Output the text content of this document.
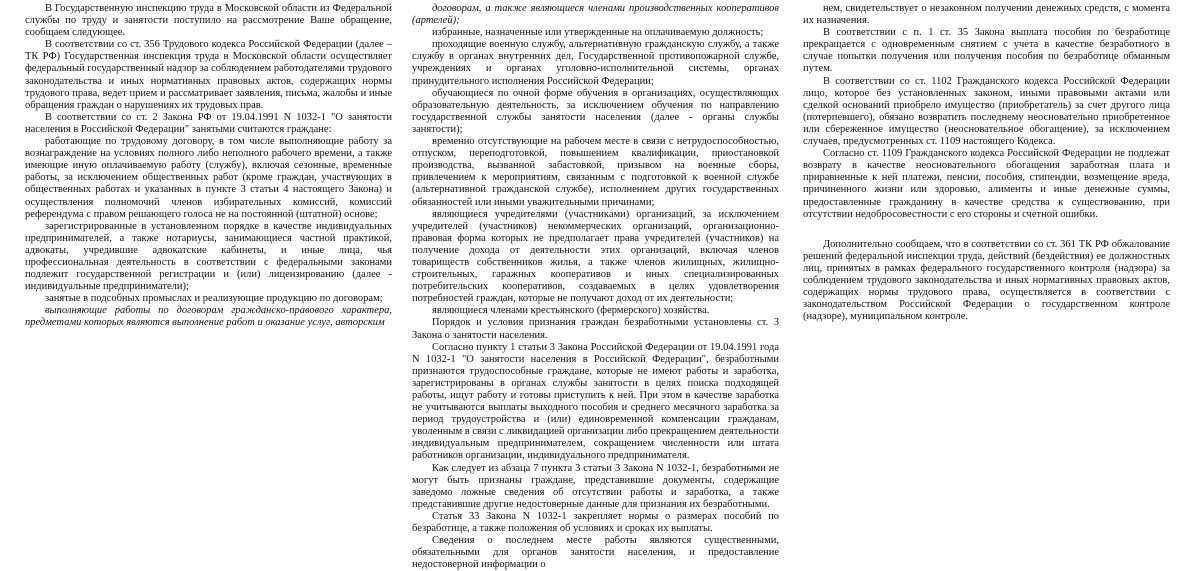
В Государственную инспекцию труда в Московской области из Федеральной службы по труду и занятости поступило на рассмотрение Ваше обращение, сообщаем следующее.

В соответствии со ст. 356 Трудового кодекса Российской Федерации (далее – ТК РФ) Государственная инспекция труда в Московской области осуществляет федеральный государственный надзор за соблюдением работодателями трудового законодательства и иных нормативных правовых актов, содержащих нормы трудового права, ведет прием и рассматривает заявления, письма, жалобы и иные обращения граждан о нарушениях их трудовых прав.

В соответствии со ст. 2 Закона РФ от 19.04.1991 N 1032-1 "О занятости населения в Российской Федерации" занятыми считаются граждане:

работающие по трудовому договору, в том числе выполняющие работу за вознаграждение на условиях полного либо неполного рабочего времени, а также имеющие иную оплачиваемую работу (службу), включая сезонные, временные работы, за исключением общественных работ (кроме граждан, участвующих в общественных работах и указанных в пункте 3 статьи 4 настоящего Закона) и осуществления полномочий членов избирательных комиссий, комиссий референдума с правом решающего голоса не на постоянной (штатной) основе;

зарегистрированные в установленном порядке в качестве индивидуальных предпринимателей, а также нотариусы, занимающиеся частной практикой, адвокаты, учредившие адвокатские кабинеты, и иные лица, чья профессиональная деятельность в соответствии с федеральными законами подлежит государственной регистрации и (или) лицензированию (далее - индивидуальные предприниматели);

занятые в подсобных промыслах и реализующие продукцию по договорам;

выполняющие работы по договорам гражданско-правового характера, предметами которых являются выполнение работ и оказание услуг, авторским

договорам, а также являющиеся членами производственных кооперативов (артелей);

избранные, назначенные или утвержденные на оплачиваемую должность;

проходящие военную службу, альтернативную гражданскую службу, а также службу в органах внутренних дел, Государственной противопожарной службе, учреждениях и органах уголовно-исполнительной системы, органах принудительного исполнения Российской Федерации;

обучающиеся по очной форме обучения в организациях, осуществляющих образовательную деятельность, за исключением обучения по направлению государственной службы занятости населения (далее - органы службы занятости);

временно отсутствующие на рабочем месте в связи с нетрудоспособностью, отпуском, переподготовкой, повышением квалификации, приостановкой производства, вызванной забастовкой, призывом на военные сборы, привлечением к мероприятиям, связанным с подготовкой к военной службе (альтернативной гражданской службе), исполнением других государственных обязанностей или иными уважительными причинами;

являющиеся учредителями (участниками) организаций, за исключением учредителей (участников) некоммерческих организаций, организационно-правовая форма которых не предполагает права учредителей (участников) на получение дохода от деятельности этих организаций, включая членов товариществ собственников жилья, а также членов жилищных, жилищно-строительных, гаражных кооперативов и иных специализированных потребительских кооперативов, создаваемых в целях удовлетворения потребностей граждан, которые не получают доход от их деятельности;

являющиеся членами крестьянского (фермерского) хозяйства.

Порядок и условия признания граждан безработными установлены ст. 3 Закона о занятости населения.

Согласно пункту 1 статьи 3 Закона Российской Федерации от 19.04.1991 года N 1032-1 "О занятости населения в Российской Федерации", безработными признаются трудоспособные граждане, которые не имеют работы и заработка, зарегистрированы в органах службы занятости в целях поиска подходящей работы, ищут работу и готовы приступить к ней. При этом в качестве заработка не учитываются выплаты выходного пособия и среднего месячного заработка за период трудоустройства и (или) единовременной компенсации гражданам, уволенным в связи с ликвидацией организации либо прекращением деятельности индивидуальным предпринимателем, сокращением численности или штата работников организации, индивидуального предпринимателя.

Как следует из абзаца 7 пункта 3 статьи 3 Закона N 1032-1, безработными не могут быть признаны граждане, представившие документы, содержащие заведомо ложные сведения об отсутствии работы и заработка, а также представившие другие недостоверные данные для признания их безработными.

Статья 33 Закона N 1032-1 закрепляет нормы о размерах пособий по безработице, а также положения об условиях и сроках их выплаты.

Сведения о последнем месте работы являются существенными, обязательными для органов занятости населения, и предоставление недостоверной информации о

нем, свидетельствует о незаконном получении денежных средств, с момента их назначения.

В соответствии с п. 1 ст. 35 Закона выплата пособия по безработице прекращается с одновременным снятием с учета в качестве безработного в случае попытки получения или получения пособия по безработице обманным путем.

В соответствии со ст. 1102 Гражданского кодекса Российской Федерации лицо, которое без установленных законом, иными правовыми актами или сделкой оснований приобрело имущество (приобретатель) за счет другого лица (потерпевшего), обязано возвратить последнему неосновательно приобретенное или сбереженное имущество (неосновательное обогащение), за исключением случаев, предусмотренных ст. 1109 настоящего Кодекса.

Согласно ст. 1109 Гражданского кодекса Российской Федерации не подлежат возврату в качестве неосновательного обогащения заработная плата и приравненные к ней платежи, пенсии, пособия, стипендии, возмещение вреда, причиненного жизни или здоровью, алименты и иные денежные суммы, предоставленные гражданину в качестве средства к существованию, при отсутствии недобросовестности с его стороны и счетной ошибки.

Дополнительно сообщаем, что в соответствии со ст. 361 ТК РФ обжалование решений федеральной инспекции труда, действий (бездействия) ее должностных лиц, принятых в рамках федерального государственного контроля (надзора) за соблюдением трудового законодательства и иных нормативных правовых актов, содержащих нормы трудового права, осуществляется в соответствии с законодательством Российской Федерации о государственном контроле (надзоре), муниципальном контроле.
